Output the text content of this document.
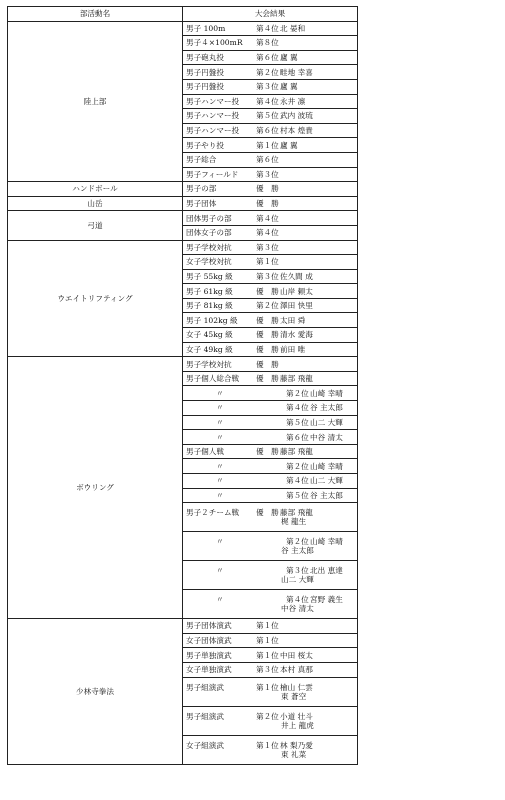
部活動名	大会結果
陸上部	男子 100m 第４位北 晏和
	男子４×100mR 第８位
	男子砲丸投 第６位廬 翼
	男子円盤投 第２位畦地 幸喜
	男子円盤投 第３位廬 翼
	男子ハンマー投 第４位永井 凛
	男子ハンマー投 第５位武内 波琉
	男子ハンマー投 第６位村本 煌貴
	男子やり投 第１位廬 翼
	男子総合 第６位
	男子フィールド 第３位
ハンドボール	男子の部 優　勝
山岳	男子団体 優　勝
弓道	団体男子の部 第４位
	団体女子の部 第４位
ウエイトリフティング	男子学校対抗 第３位
	女子学校対抗 第１位
	男子 55kg 級 第３位佐久間 成
	男子 61kg 級 優　勝山岸 頼太
	男子 81kg 級 第２位澤田 快里
	男子 102kg 級 優　勝太田 舜
	女子 45kg 級 優　勝清水 愛海
	女子 49kg 級 優　勝前田 唯
ボウリング	男子学校対抗 優　勝
	男子個人総合戦 優　勝藤部 飛龍
	〃 第２位山崎 幸晴
	〃 第４位谷 主太郎
	〃 第５位山二 大輝
	〃 第６位中谷 清太
	男子個人戦 優　勝藤部 飛龍
	〃 第２位山崎 幸晴
	〃 第４位山二 大輝
	〃 第５位谷 主太郎
	男子２チーム戦 優　勝藤部 飛龍
梶 龍生

	〃 第２位山崎 幸晴
谷 主太郎

	〃 第３位北出 恵達
山二 大輝

	〃 第４位宮野 義生
中谷 清太

少林寺拳法	男子団体演武 第１位
	女子団体演武 第１位
	男子単独演武 第１位中田 桜太
	女子単独演武 第３位本村 真那
	男子組演武 第１位檜山 仁雲
東 蒼空

	男子組演武 第２位小道 壮斗
井上 龍虎

	女子組演武 第１位林 梨乃愛
東 礼菜
